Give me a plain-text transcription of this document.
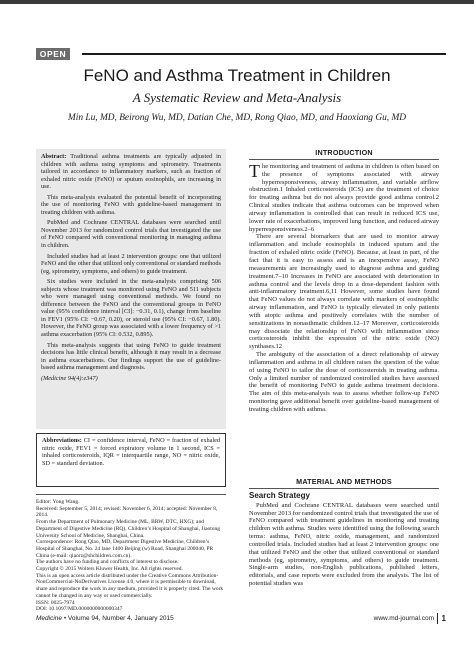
OPEN
FeNO and Asthma Treatment in Children
A Systematic Review and Meta-Analysis
Min Lu, MD, Beirong Wu, MD, Datian Che, MD, Rong Qiao, MD, and Haoxiang Gu, MD

Abstract: Traditional asthma treatments are typically adjusted in children with asthma using symptoms and spirometry. Treatments tailored in accordance to inflammatory markers, such as fraction of exhaled nitric oxide (FeNO) or sputum eosinophils, are increasing in use.

This meta-analysis evaluated the potential benefit of incorporating the use of monitoring FeNO with guideline-based management in treating children with asthma.

PubMed and Cochrane CENTRAL databases were searched until November 2013 for randomized control trials that investigated the use of FeNO compared with conventional monitoring in managing asthma in children.

Included studies had at least 2 intervention groups: one that utilized FeNO and the other that utilized only conventional or standard methods (eg, spirometry, symptoms, and others) to guide treatment.

Six studies were included in the meta-analysis comprising 506 subjects whose treatment was monitored using FeNO and 511 subjects who were managed using conventional methods. We found no difference between the FeNO and the conventional groups in FeNO value (95% confidence interval [CI]: −0.31, 0.1), change from baseline in FEV1 (95% CI: −0.67, 0.20), or steroid use (95% CI: −0.67, 1.80). However, the FeNO group was associated with a lower frequency of >1 asthma exacerbation (95% CI: 0.532, 0.895).

This meta-analysis suggests that using FeNO to guide treatment decisions has little clinical benefit, although it may result in a decrease in asthma exacerbations. Our findings support the use of guideline-based asthma management and diagnosis.

(Medicine 94(4):e347)

Abbreviations: CI = confidence interval, FeNO = fraction of exhaled nitric oxide, FEV1 = forced expiratory volume in 1 second, ICS = inhaled corticosteroids, IQR = interquartile range, NO = nitric oxide, SD = standard deviation.
Editor: Yong Wang.
Received: September 5, 2014; revised: November 6, 2014; accepted: November 8, 2014.
From the Department of Pulmonary Medicine (ML, BRW, DTC, HXG); and Department of Digestive Medicine (RQ), Children’s Hospital of Shanghai, Jiaotong University School of Medicine, Shanghai, China.
Correspondence: Rong Qiao, MD, Department Digestive Medicine, Children’s Hospital of Shanghai, No. 24 lane 1400 Beijing (w) Road, Shanghai 200040, PR China (e-mail: qiaorz@shchildren.com.cn).
The authors have no funding and conflicts of interest to disclose.
Copyright © 2015 Wolters Kluwer Health, Inc. All rights reserved.
This is an open access article distributed under the Creative Commons Attribution-NonCommercial-NoDerivatives License 4.0, where it is permissible to download, share and reproduce the work in any medium, provided it is properly cited. The work cannot be changed in any way or used commercially.
ISSN: 0025-7974
DOI: 10.1097/MD.0000000000000347
INTRODUCTION

The monitoring and treatment of asthma in children is often based on the presence of symptoms associated with airway hyperresponsiveness, airway inflammation, and variable airflow obstruction.1 Inhaled corticosteroids (ICS) are the treatment of choice for treating asthma but do not always provide good asthma control.2 Clinical studies indicate that asthma outcomes can be improved when airway inflammation is controlled that can result in reduced ICS use, lower rate of exacerbations, improved lung function, and reduced airway hyperresponsiveness.2–6

There are several biomarkers that are used to monitor airway inflammation and include eosinophils in induced sputum and the fraction of exhaled nitric oxide (FeNO). Because, at least in part, of the fact that it is easy to assess and is an inexpensive assay, FeNO measurements are increasingly used to diagnose asthma and guiding treatment.7–10 Increases in FeNO are associated with deterioration in asthma control and the levels drop in a dose-dependent fashion with anti-inflammatory treatment.6,11 However, some studies have found that FeNO values do not always correlate with markers of eosinophilic airway inflammation, and FeNO is typically elevated in only patients with atopic asthma and positively correlates with the number of sensitizations in nonasthmatic children.12–17 Moreover, corticosteroids may dissociate the relationship of FeNO with inflammation since corticosteroids inhibit the expression of the nitric oxide (NO) synthases.12

The ambiguity of the association of a direct relationship of airway inflammation and asthma in all children raises the question of the value of using FeNO to tailor the dose of corticosteroids in treating asthma. Only a limited number of randomized controlled studies have assessed the benefit of monitoring FeNO to guide asthma treatment decisions. The aim of this meta-analysis was to assess whether follow-up FeNO monitoring gave additional benefit over guideline-based management of treating children with asthma.

MATERIAL AND METHODS
Search Strategy

PubMed and Cochrane CENTRAL databases were searched until November 2013 for randomized control trials that investigated the use of FeNO compared with treatment guidelines in monitoring and treating children with asthma. Studies were identified using the following search terms: asthma, FeNO, nitric oxide, management, and randomized controlled trials. Included studies had at least 2 intervention groups: one that utilized FeNO and the other that utilized conventional or standard methods (eg, spirometry, symptoms, and others) to guide treatment. Single-arm studies, non-English publications, published letters, editorials, and case reports were excluded from the analysis. The list of potential studies was

Medicine • Volume 94, Number 4, January 2015	www.md-journal.com 1
